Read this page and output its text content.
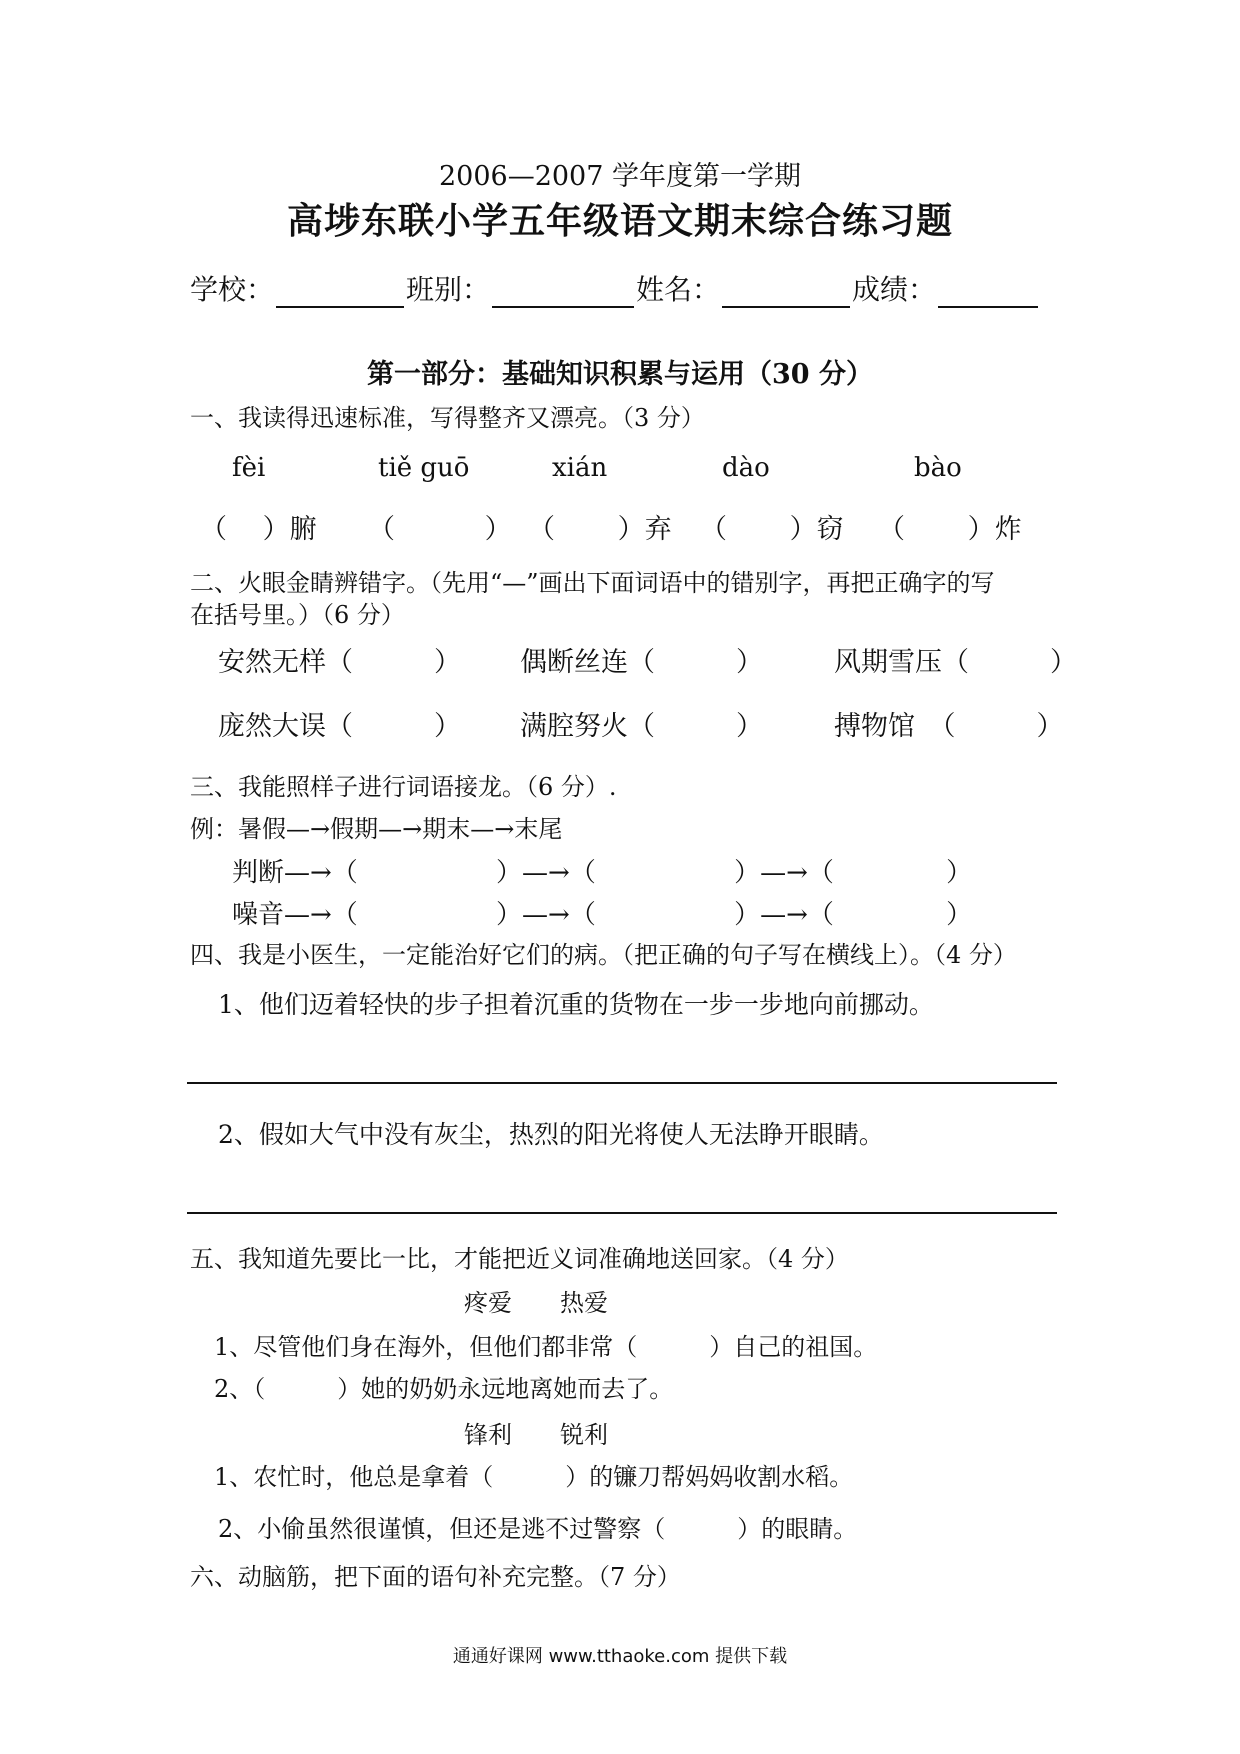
2006—2007 学年度第一学期
高埗东联小学五年级语文期末综合练习题
学校：	班别：	姓名：	成绩：
第一部分：基础知识积累与运用（30 分）
一、我读得迅速标准，写得整齐又漂亮。（3 分）
fèi	tiě guō	xián	dào	bào
（　 ）腑 （　　　 ） （　　 ）弃 （　　 ）窃 （　　 ）炸
二、火眼金睛辨错字。（先用“—”画出下面词语中的错别字，再把正确字的写
在括号里。）（6 分）
安然无样（　　　） 偶断丝连（　　　）	风期雪压（　　　）
庞然大误（　　　） 满腔努火（　　　）	搏物馆　（　　　）
三、我能照样子进行词语接龙。（6 分）.
例：暑假—→假期—→期末—→末尾
判断—→（　　　　　 ）—→（　　　　　 ）—→（　　　　 ）
噪音—→（　　　　　 ）—→（　　　　　 ）—→（　　　　 ）
四、我是小医生，一定能治好它们的病。（把正确的句子写在横线上）。（4 分）
1、他们迈着轻快的步子担着沉重的货物在一步一步地向前挪动。
2、假如大气中没有灰尘，热烈的阳光将使人无法睁开眼睛。
五、我知道先要比一比，才能把近义词准确地送回家。（4 分）
疼爱　　热爱
1、尽管他们身在海外，但他们都非常（　　　）自己的祖国。
2、（　　　）她的奶奶永远地离她而去了。
锋利　　锐利
1、农忙时，他总是拿着（　　　）的镰刀帮妈妈收割水稻。
2、小偷虽然很谨慎，但还是逃不过警察（　　　）的眼睛。
六、动脑筋，把下面的语句补充完整。（7 分）
通通好课网 www.tthaoke.com 提供下载
